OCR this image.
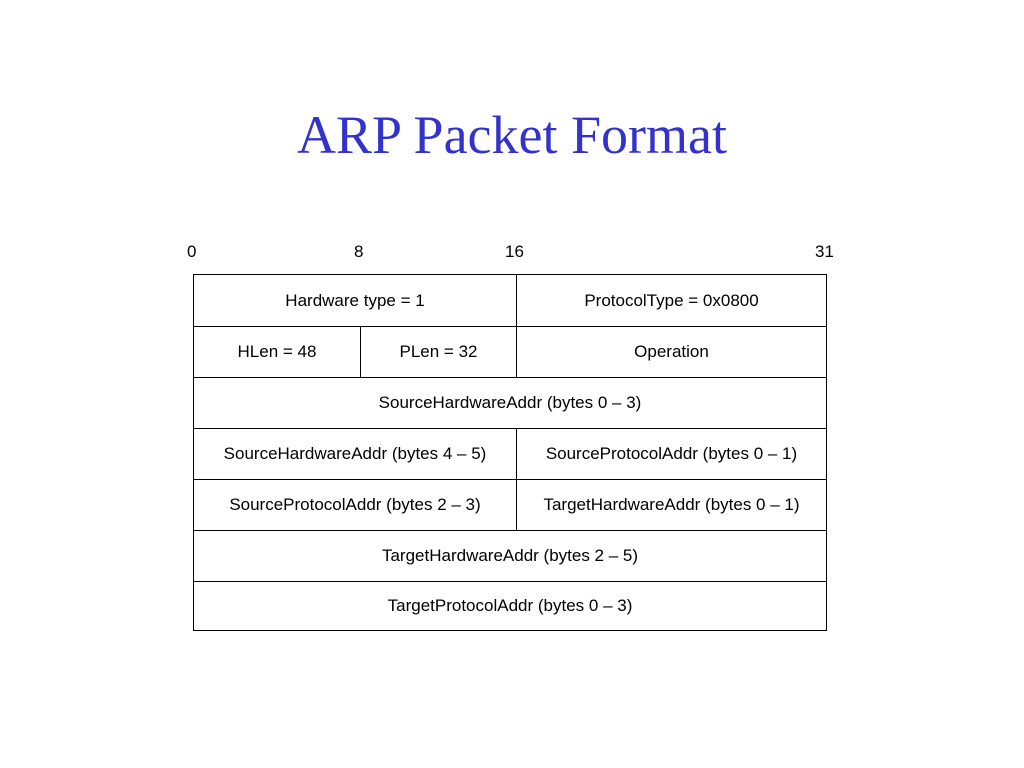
ARP Packet Format
0	8	16	31
Hardware type = 1	ProtocolType = 0x0800
HLen = 48	PLen = 32	Operation
SourceHardwareAddr (bytes 0 – 3)
SourceHardwareAddr (bytes 4 – 5)	SourceProtocolAddr (bytes 0 – 1)
SourceProtocolAddr (bytes 2 – 3)	TargetHardwareAddr (bytes 0 – 1)
TargetHardwareAddr (bytes 2 – 5)
TargetProtocolAddr (bytes 0 – 3)
